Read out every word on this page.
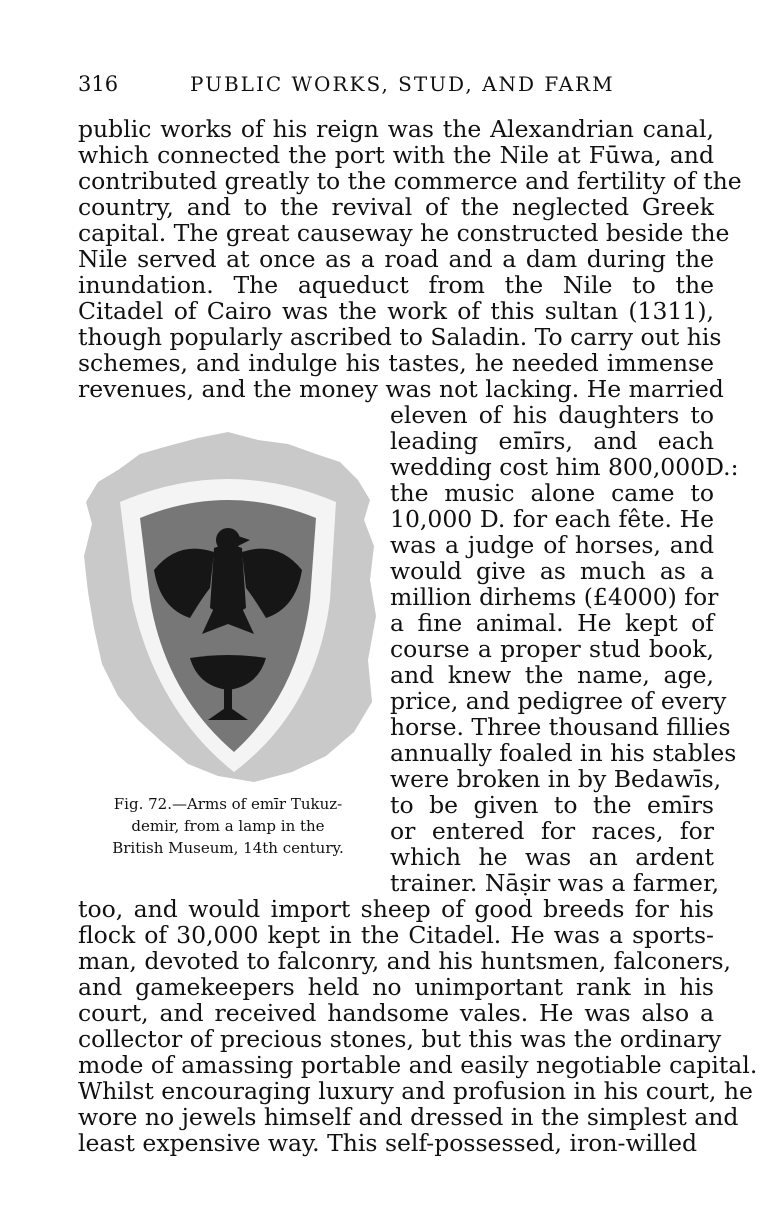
316	PUBLIC WORKS, STUD, AND FARM
public works of his reign was the Alexandrian canal,
which connected the port with the Nile at Fūwa, and
contributed greatly to the commerce and fertility of the
country, and to the revival of the neglected Greek
capital. The great causeway he constructed beside the
Nile served at once as a road and a dam during the
inundation. The aqueduct from the Nile to the
Citadel of Cairo was the work of this sultan (1311),
though popularly ascribed to Saladin. To carry out his
schemes, and indulge his tastes, he needed immense
revenues, and the money was not lacking. He married
eleven of his daughters to
leading emīrs, and each
wedding cost him 800,000D.:
the music alone came to
10,000 D. for each fête. He
was a judge of horses, and
would give as much as a
million dirhems (£4000) for
a fine animal. He kept of
course a proper stud book,
and knew the name, age,
price, and pedigree of every
horse. Three thousand fillies
annually foaled in his stables
were broken in by Bedawīs,
to be given to the emīrs
or entered for races, for
which he was an ardent
trainer. Nāṣir was a farmer,
too, and would import sheep of good breeds for his
flock of 30,000 kept in the Citadel. He was a sports-
man, devoted to falconry, and his huntsmen, falconers,
and gamekeepers held no unimportant rank in his
court, and received handsome vales. He was also a
collector of precious stones, but this was the ordinary
mode of amassing portable and easily negotiable capital.
Whilst encouraging luxury and profusion in his court, he
wore no jewels himself and dressed in the simplest and
least expensive way. This self-possessed, iron-willed
Fig. 72.—Arms of emīr Tukuz-
demir, from a lamp in the
British Museum, 14th century.
